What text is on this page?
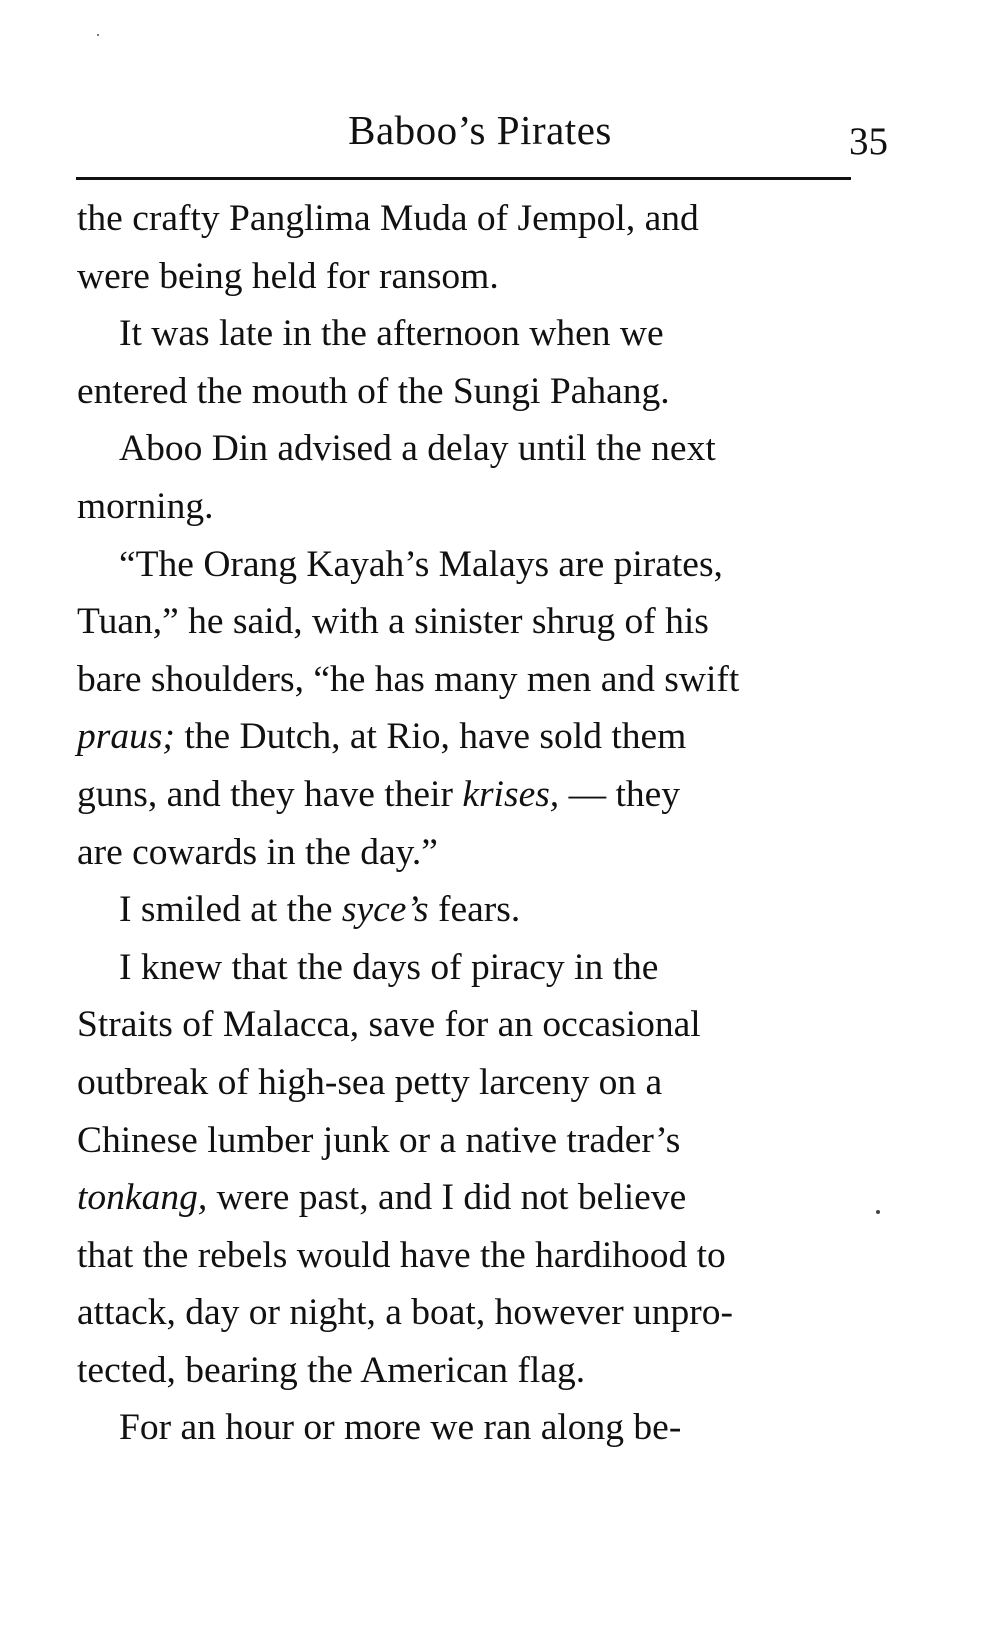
Baboo’s Pirates	35
the crafty Panglima Muda of Jempol, and
were being held for ransom.
It was late in the afternoon when we
entered the mouth of the Sungi Pahang.
Aboo Din advised a delay until the next
morning.
“The Orang Kayah’s Malays are pirates,
Tuan,” he said, with a sinister shrug of his
bare shoulders, “he has many men and swift
praus; the Dutch, at Rio, have sold them
guns, and they have their krises, — they
are cowards in the day.”
I smiled at the syce’s fears.
I knew that the days of piracy in the
Straits of Malacca, save for an occasional
outbreak of high-sea petty larceny on a
Chinese lumber junk or a native trader’s
tonkang, were past, and I did not believe
that the rebels would have the hardihood to
attack, day or night, a boat, however unpro-
tected, bearing the American flag.
For an hour or more we ran along be-
